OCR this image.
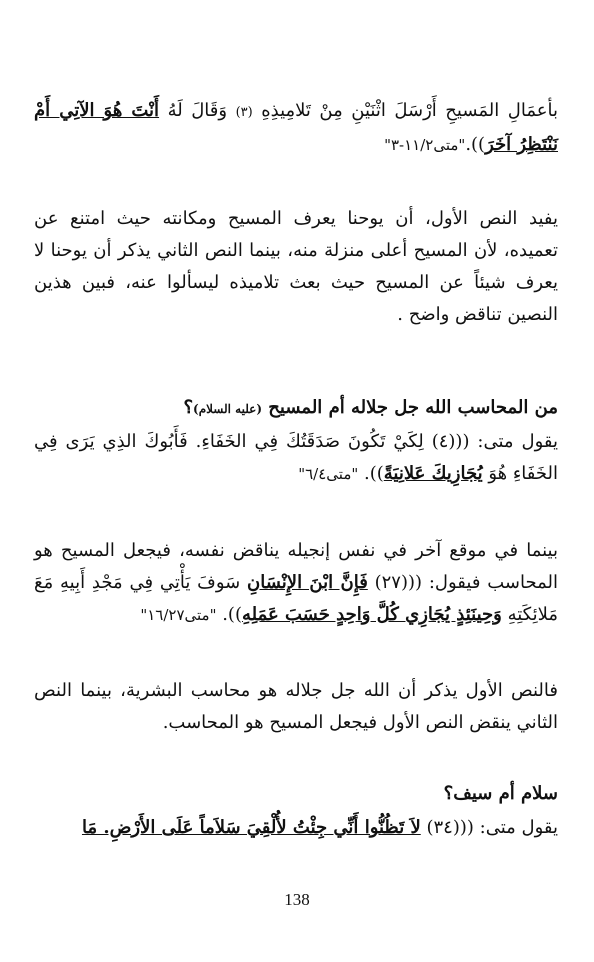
بأعمَالِ المَسيحِ أَرْسَلَ اثْنَيْنِ مِنْ تَلامِيذِهِ (٣) وَقَالَ لَهُ أَنْتَ هُوَ الآتِي أَمْ نَنْتَظِرُ آخَرَ))."متى١١/٢-٣"

يفيد النص الأول، أن يوحنا يعرف المسيح ومكانته حيث امتنع عن تعميده، لأن المسيح أعلى منزلة منه، بينما النص الثاني يذكر أن يوحنا لا يعرف شيئاً عن المسيح حيث بعث تلاميذه ليسألوا عنه، فبين هذين النصين تناقض واضح .

من المحاسب الله جل جلاله أم المسيح (عليه السلام)؟

يقول متى: (((٤) لِكَيْ تَكُونَ صَدَقَتُكَ فِي الخَفَاءِ. فَأَبُوكَ الذِي يَرَى فِي الخَفَاءِ هُوَ يُجَازِيكَ عَلانِيَةً)). "متى٦/٤"

بينما في موقع آخر في نفس إنجيله يناقض نفسه، فيجعل المسيح هو المحاسب فيقول: (((٢٧) فَإِنَّ ابْنَ الإِنْسَانِ سَوفَ يَأْتِي فِي مَجْدِ أَبِيهِ مَعَ مَلائِكَتِهِ وَحِينَئِذٍ يُجَازِي كُلَّ وَاحِدٍ حَسَبَ عَمَلِهِ)). "متى١٦/٢٧"

فالنص الأول يذكر أن الله جل جلاله هو محاسب البشرية، بينما النص الثاني ينقض النص الأول فيجعل المسيح هو المحاسب.

سلام أم سيف؟

يقول متى: (((٣٤) لاَ تَظُنُّوا أَنِّي جِئْتُ لأُلْقِيَ سَلاَماً عَلَى الأَرْضِ. مَا

138
